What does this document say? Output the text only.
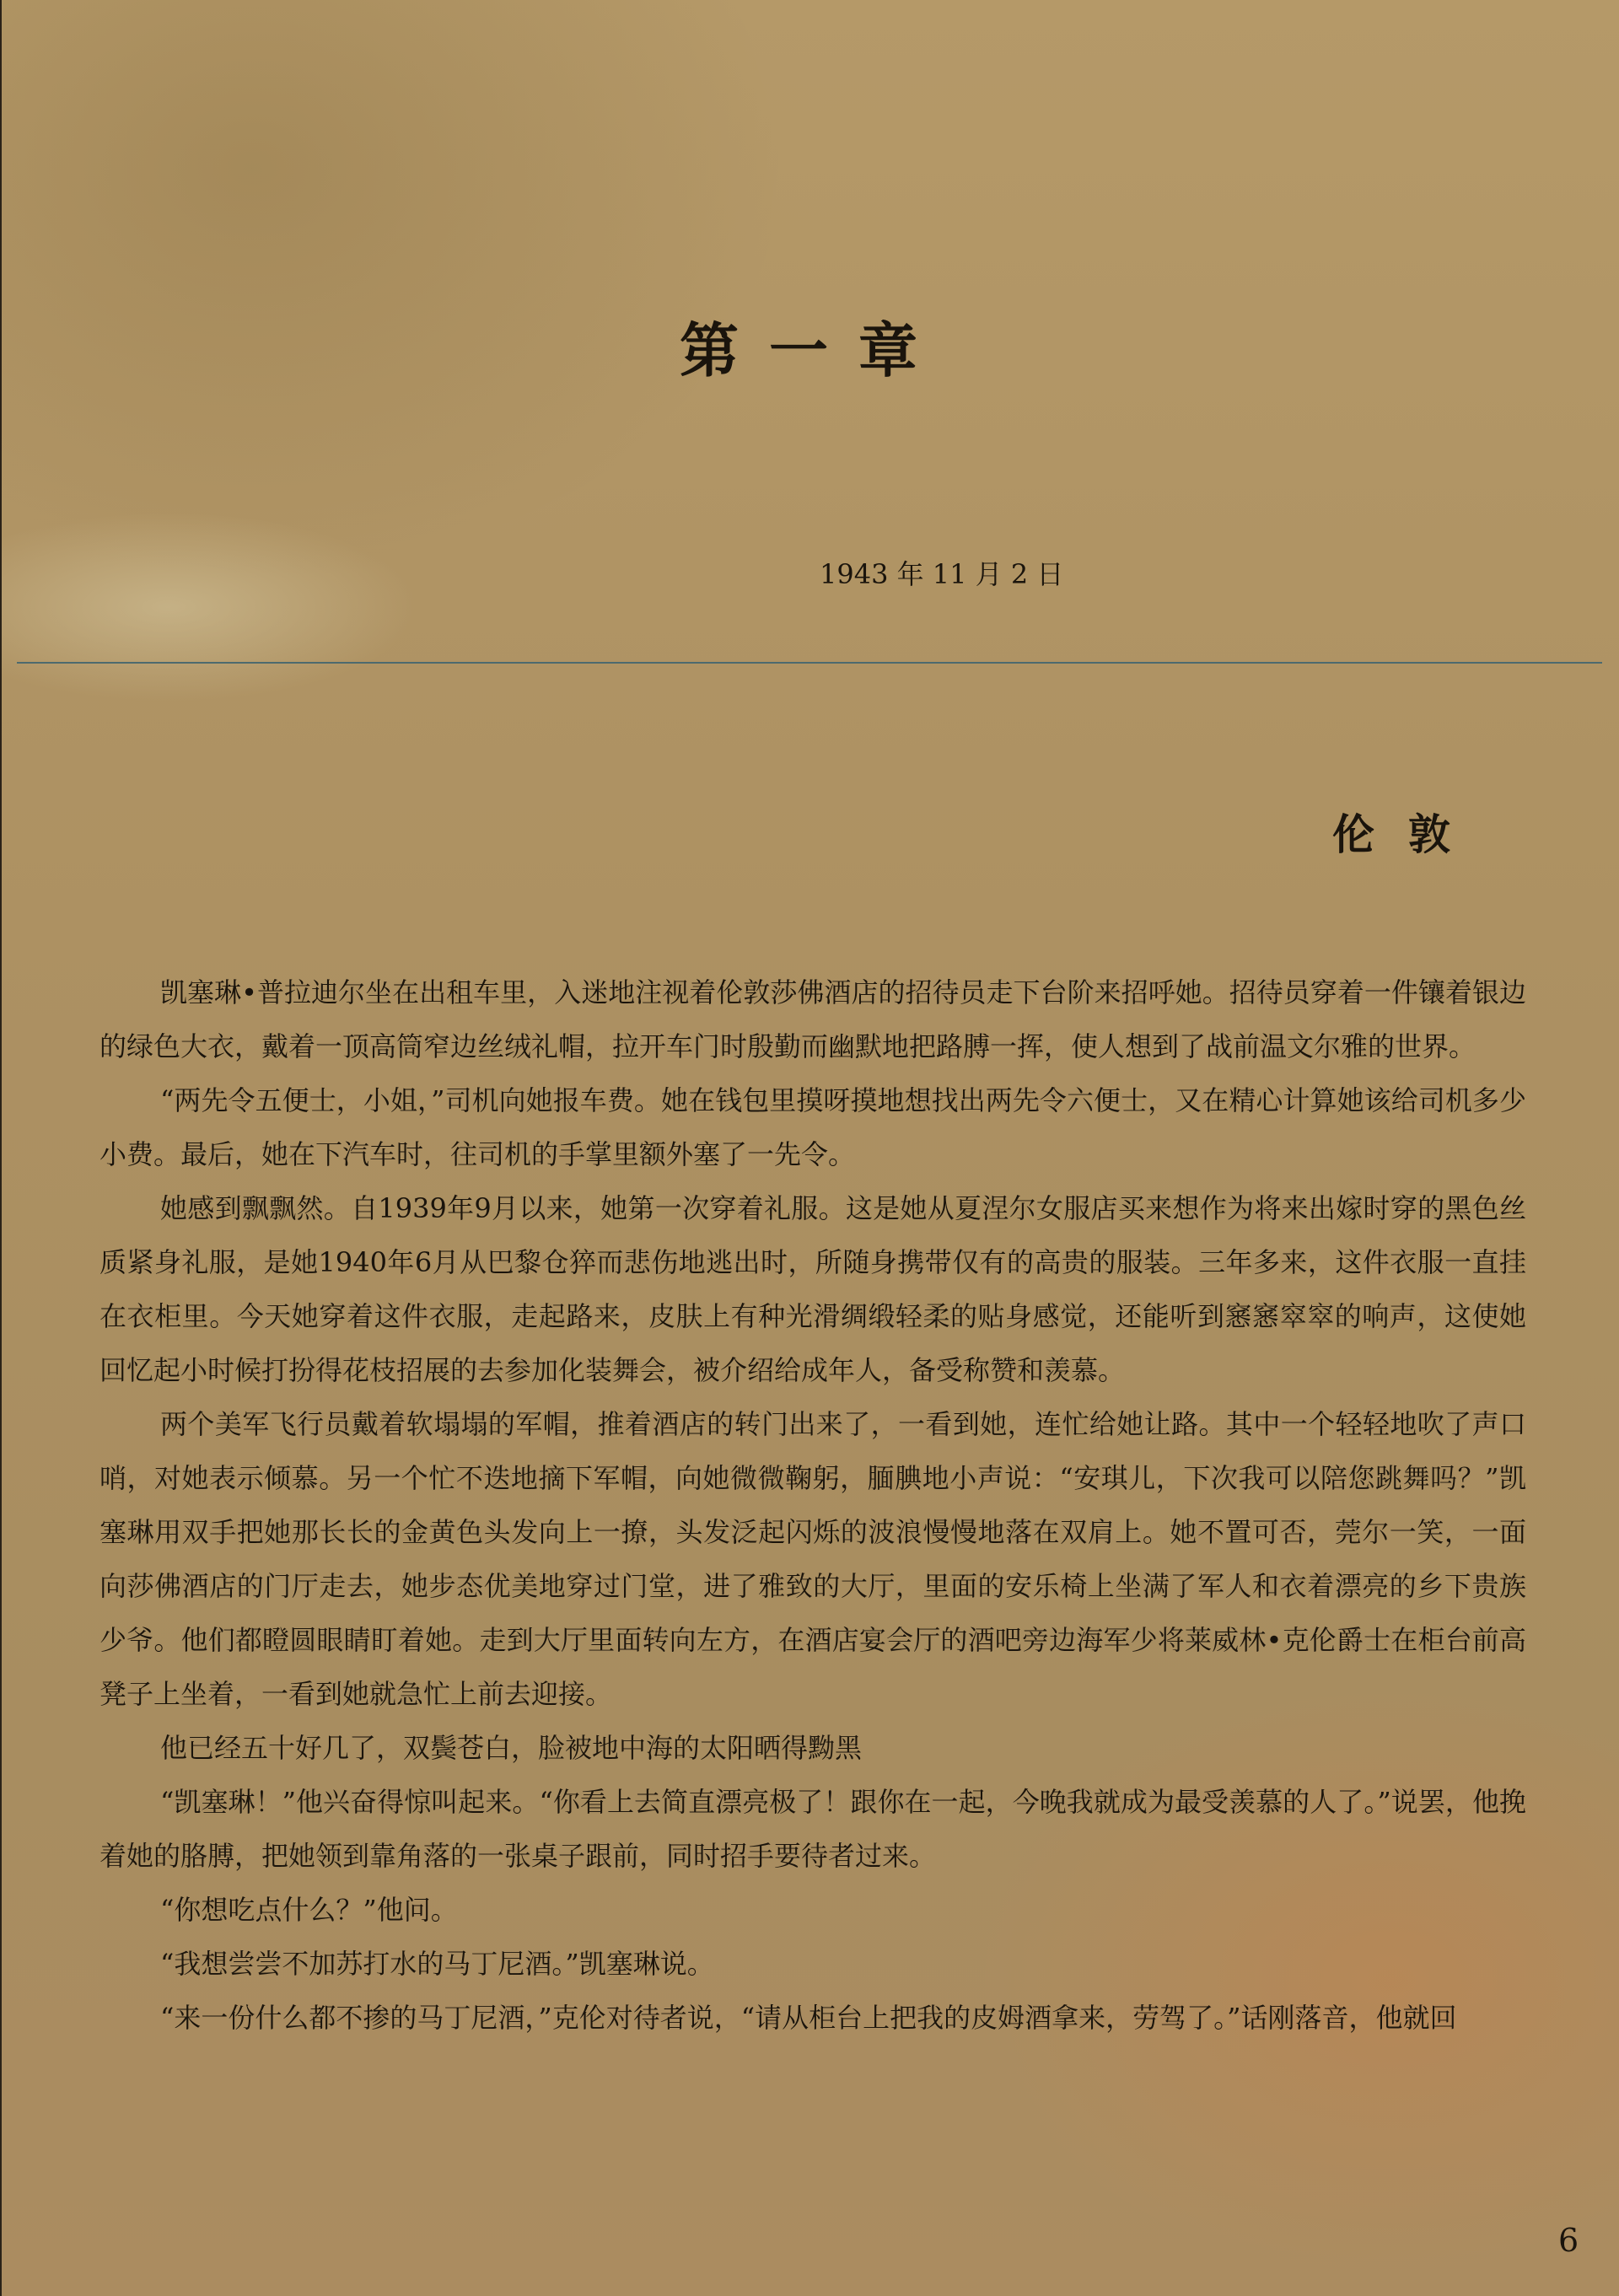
第一章
1943 年 11 月 2 日
伦敦

凯塞琳•普拉迪尔坐在出租车里，入迷地注视着伦敦莎佛酒店的招待员走下台阶来招呼她。招待员穿着一件镶着银边的绿色大衣，戴着一顶高筒窄边丝绒礼帽，拉开车门时殷勤而幽默地把路膊一挥，使人想到了战前温文尔雅的世界。

“两先令五便士，小姐，”司机向她报车费。她在钱包里摸呀摸地想找出两先令六便士，又在精心计算她该给司机多少小费。最后，她在下汽车时，往司机的手掌里额外塞了一先令。

她感到飘飘然。自1939年9月以来，她第一次穿着礼服。这是她从夏涅尔女服店买来想作为将来出嫁时穿的黑色丝质紧身礼服，是她1940年6月从巴黎仓猝而悲伤地逃出时，所随身携带仅有的高贵的服装。三年多来，这件衣服一直挂在衣柜里。今天她穿着这件衣服，走起路来，皮肤上有种光滑绸缎轻柔的贴身感觉，还能听到窸窸窣窣的响声，这使她回忆起小时候打扮得花枝招展的去参加化装舞会，被介绍给成年人，备受称赞和羡慕。

两个美军飞行员戴着软塌塌的军帽，推着酒店的转门出来了，一看到她，连忙给她让路。其中一个轻轻地吹了声口哨，对她表示倾慕。另一个忙不迭地摘下军帽，向她微微鞠躬，腼腆地小声说：“安琪儿，下次我可以陪您跳舞吗？”凯塞琳用双手把她那长长的金黄色头发向上一撩，头发泛起闪烁的波浪慢慢地落在双肩上。她不置可否，莞尔一笑，一面向莎佛酒店的门厅走去，她步态优美地穿过门堂，进了雅致的大厅，里面的安乐椅上坐满了军人和衣着漂亮的乡下贵族少爷。他们都瞪圆眼睛盯着她。走到大厅里面转向左方，在酒店宴会厅的酒吧旁边海军少将莱威林•克伦爵士在柜台前高凳子上坐着，一看到她就急忙上前去迎接。

他已经五十好几了，双鬓苍白，脸被地中海的太阳晒得黝黑

“凯塞琳！”他兴奋得惊叫起来。“你看上去简直漂亮极了！跟你在一起，今晚我就成为最受羡慕的人了。”说罢，他挽着她的胳膊，把她领到靠角落的一张桌子跟前，同时招手要待者过来。

“你想吃点什么？”他问。

“我想尝尝不加苏打水的马丁尼酒。”凯塞琳说。

“来一份什么都不掺的马丁尼酒，”克伦对待者说，“请从柜台上把我的皮姆酒拿来，劳驾了。”话刚落音，他就回

6
